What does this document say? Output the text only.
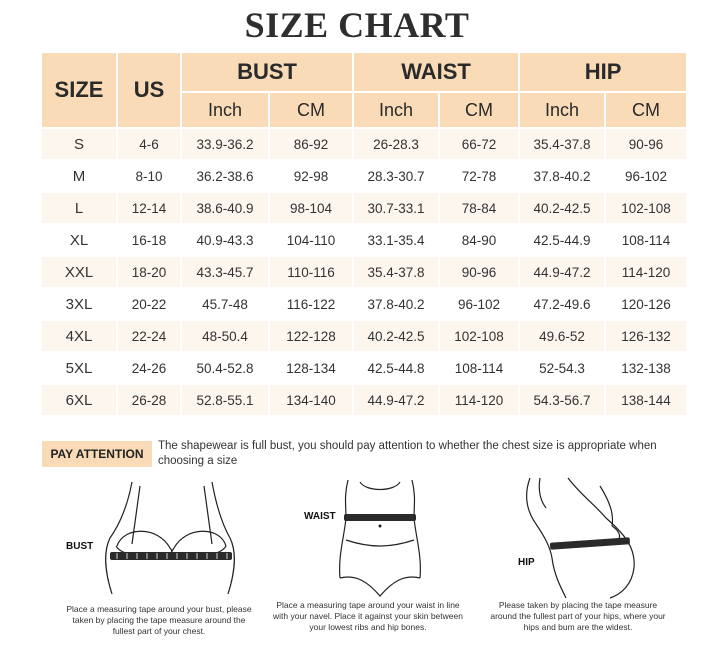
SIZE CHART
SIZE	US	BUST		WAIST		HIP	
		Inch	CM	Inch	CM	Inch	CM
S	4-6	33.9-36.2	86-92	26-28.3	66-72	35.4-37.8	90-96
M	8-10	36.2-38.6	92-98	28.3-30.7	72-78	37.8-40.2	96-102
L	12-14	38.6-40.9	98-104	30.7-33.1	78-84	40.2-42.5	102-108
XL	16-18	40.9-43.3	104-110	33.1-35.4	84-90	42.5-44.9	108-114
XXL	18-20	43.3-45.7	110-116	35.4-37.8	90-96	44.9-47.2	114-120
3XL	20-22	45.7-48	116-122	37.8-40.2	96-102	47.2-49.6	120-126
4XL	22-24	48-50.4	122-128	40.2-42.5	102-108	49.6-52	126-132
5XL	24-26	50.4-52.8	128-134	42.5-44.8	108-114	52-54.3	132-138
6XL	26-28	52.8-55.1	134-140	44.9-47.2	114-120	54.3-56.7	138-144
PAY ATTENTION
The shapewear is full bust, you should pay attention to whether the chest size is appropriate when choosing a size
BUST
Place a measuring tape around your bust, please taken by placing the tape measure around the fullest part of your chest.
WAIST
Place a measuring tape around your waist in line with your navel. Place it against your skin between your lowest ribs and hip bones.
HIP
Please taken by placing the tape measure around the fullest part of your hips, where your hips and bum are the widest.
